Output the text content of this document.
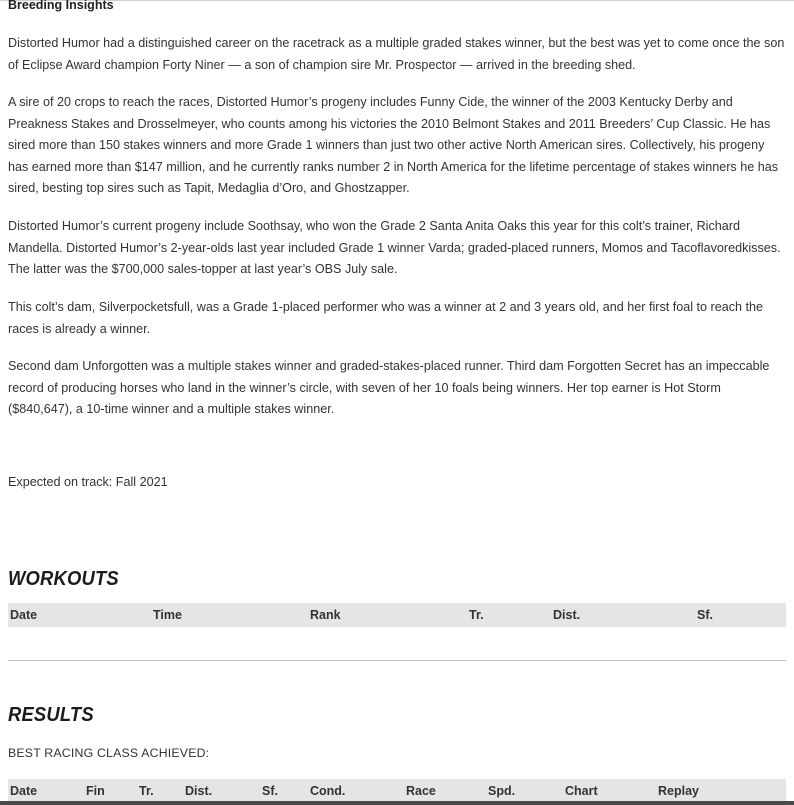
Breeding Insights

Distorted Humor had a distinguished career on the racetrack as a multiple graded stakes winner, but the best was yet to come once the son of Eclipse Award champion Forty Niner — a son of champion sire Mr. Prospector — arrived in the breeding shed.

A sire of 20 crops to reach the races, Distorted Humor’s progeny includes Funny Cide, the winner of the 2003 Kentucky Derby and Preakness Stakes and Drosselmeyer, who counts among his victories the 2010 Belmont Stakes and 2011 Breeders’ Cup Classic. He has sired more than 150 stakes winners and more Grade 1 winners than just two other active North American sires. Collectively, his progeny has earned more than $147 million, and he currently ranks number 2 in North America for the lifetime percentage of stakes winners he has sired, besting top sires such as Tapit, Medaglia d’Oro, and Ghostzapper.

Distorted Humor’s current progeny include Soothsay, who won the Grade 2 Santa Anita Oaks this year for this colt’s trainer, Richard Mandella. Distorted Humor’s 2-year-olds last year included Grade 1 winner Varda; graded-placed runners, Momos and Tacoflavoredkisses. The latter was the $700,000 sales-topper at last year’s OBS July sale.

This colt’s dam, Silverpocketsfull, was a Grade 1-placed performer who was a winner at 2 and 3 years old, and her first foal to reach the races is already a winner.

Second dam Unforgotten was a multiple stakes winner and graded-stakes-placed runner. Third dam Forgotten Secret has an impeccable record of producing horses who land in the winner’s circle, with seven of her 10 foals being winners. Her top earner is Hot Storm ($840,647), a 10-time winner and a multiple stakes winner.

Expected on track: Fall 2021
WORKOUTS
Date	Time	Rank	Tr.	Dist.	Sf.
RESULTS
BEST RACING CLASS ACHIEVED:
Date	Fin	Tr.	Dist.	Sf.	Cond.	Race	Spd.	Chart	Replay
